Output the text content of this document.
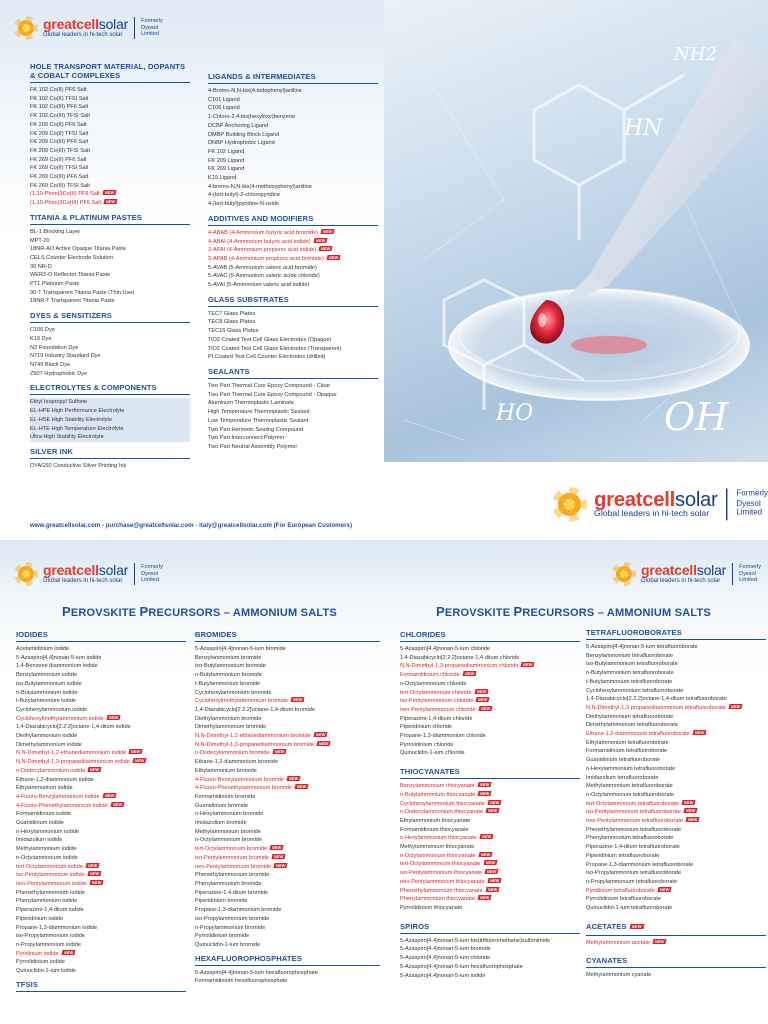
greatcellsolar
Global leaders in hi-tech solar
Formerly
Dyesol
Limited
HOLE TRANSPORT MATERIAL, DOPANTS & COBALT COMPLEXES
FK 102 Co(II) PF6 Salt
FK 102 Co(II) TFSI Salt
FK 102 Co(III) PF6 Salt
FK 102 Co(III) TFSI Salt
FK 209 Co(II) PF6 Salt
FK 209 Co(II) TFSI Salt
FK 209 Co(III) PF6 Salt
FK 209 Co(III) TFSI Salt
FK 269 Co(II) PF6 Salt
FK 269 Co(II) TFSI Salt
FK 269 Co(III) PF6 Salt
FK 269 Co(III) TFSI Salt
(1,10-Phen)3Co(II) PF6 Salt NEW
(1,10-Phen)3Co(III) PF6 Salt NEW
TITANIA & PLATINUM PASTES
BL-1 Blocking Layer
MPT-20
18NR-AO Active Opaque Titania Paste
CELS Counter Electrode Solution
30 NR-D
WER2-O Reflector Titania Paste
PT1 Platinum Paste
90-T Transparent Titania Paste (Thin Use)
18NR-T Transparent Titania Paste
DYES & SENSITIZERS
C106 Dye
K19 Dye
N3 Foundation Dye
N719 Industry Standard Dye
N749 Black Dye
Z907 Hydrophobic Dye
ELECTROLYTES & COMPONENTS
Ethyl Isopropyl Sulfone
EL-HPE High Performance Electrolyte
EL-HSE High Stability Electrolyte
EL-HTE High Temperature Electrolyte
Ultra High Stability Electrolyte
SILVER INK
DYAG50 Conductive Silver Printing Ink
LIGANDS & INTERMEDIATES
4-Bromo-N,N-bis(4-iodophenyl)aniline
C101 Ligand
C106 Ligand
1-Chloro-2,4-bis(hexyloxy)benzene
DCBP Anchoring Ligand
DMBP Building Block Ligand
DNBP Hydrophobic Ligand
FK 102 Ligand
FK 209 Ligand
FK 269 Ligand
K19 Ligand
4-bromo-N,N-bis(4-methoxyphenyl)aniline
4-(tert-butyl)-2-chloropyridine
4-(tert-butyl)pyridine-N-oxide
ADDITIVES AND MODIFIERS
4-ABAB (4-Ammonium butyric acid bromide) NEW
4-ABAI (4-Ammonium butyric acid iodide) NEW
3-APAI (4-Ammonium propionic acid iodide) NEW
3-APAB (4-Ammonium propionic acid bromide) NEW
5-AVAB (5-Ammonium valeric acid bromide)
5-AVAC (5-Ammonium valeric acide chloride)
5-AVAI (5-Ammonium valeric acid iodide)
GLASS SUBSTRATES
TEC7 Glass Plates
TEC8 Glass Plates
TEC15 Glass Plates
TiO2 Coated Test Cell Glass Electrodes (Opaque)
TiO2 Coated Test Cell Glass Electrodes (Transparent)
Pt Coated Test Cell Counter Electrodes (drilled)
SEALANTS
Two Part Thermal Cure Epoxy Compound - Clear
Two Part Thermal Cure Epoxy Compound - Opaque
Aluminum Thermoplastic Laminate
High Temperature Thermoplastic Sealant
Low Temperature Thermoplastic Sealant
Two Part Hermetic Sealing Compound
Two Part Interconnect Polymer
Two Part Neutral Assembly Polymer
www.greatcellsolar.com - purchase@greatcellsolar.com - italy@greatcellsolar.com (For European Customers)
NH2
HN
HO	OH
greatcellsolar
Global leaders in hi-tech solar
Formerly
Dyesol
Limited
greatcellsolar
Global leaders in hi-tech solar
Formerly
Dyesol
Limited
PEROVSKITE PRECURSORS – AMMONIUM SALTS
IODIDES
Acetamidinium iodide
5-Azaspiro[4.4]nonan-5-ium iodide
1,4-Benzene diammonium iodide
Benzylammonium iodide
iso-Butylammonium iodide
n-Butylammonium iodide
t-Butylammonium iodide
Cyclohexylammonium iodide
Cyclohexylmethylammonium iodide NEW
1,4-Diazabicyclo[2.2.2]octane-1,4-diium iodide
Diethylammonium iodide
Dimethylammonium iodide
N,N-Dimethyl-1,2-ethanediammonium iodide NEW
N,N-Dimethyl-1,3-propanediammonium iodide NEW
n-Dodecylammonium iodide NEW
Ethane-1,2-diammonium iodide
Ethylammonium iodide
4-Fluoro-Benzylammonium iodide NEW
4-Fluoro-Phenethylammonium iodide NEW
Formamidinium iodide
Guanidinium iodide
n-Hexylammonium iodide
Imidazolium iodide
Methylammonium iodide
n-Octylammonium iodide
tert-Octylammonium iodide NEW
iso-Pentylammonium iodide NEW
neo-Pentylammonium iodide NEW
Phenethylammonium iodide
Phenylammonium iodide
Piperazine-1,4-diium iodide
Piperidinium iodide
Propane-1,3-diammonium iodide
iso-Propylammonium iodide
n-Propylammonium iodide
Pyridinium iodide NEW
Pyrrolidinium iodide
Quinuclidin-1-ium iodide
TFSIS
BROMIDES
5-Azaspiro[4.4]nonan-5-ium bromide
Benzylammonium bromide
iso-Butylammonium bromide
n-Butylammonium bromide
t-Butylammonium bromide
Cyclohexylammonium bromide
Cyclohexylmethylammonium bromide NEW
1,4-Diazabicyclo[2.2.2]octane-1,4-diium bromide
Diethylammonium bromide
Dimethylammonium bromide
N,N-Dimethyl-1,2-ethanediammonium bromide NEW
N,N-Dimethyl-1,3-propanediammonium bromide NEW
n-Dodecylammonium bromide NEW
Ethane-1,2-diammonium bromide
Ethylammonium bromide
4-Fluoro-Benzylammonium bromide NEW
4-Fluoro-Phenethylammonium bromide NEW
Formamidinium bromide
Guanidinium bromide
n-Hexylammonium bromide
Imidazolium bromide
Methylammonium bromide
n-Octylammonium bromide
tert-Octylammonium bromide NEW
iso-Pentylammonium bromide NEW
neo-Pentylammonium bromide NEW
Phenethylammonium bromide
Phenylammonium bromide
Piperazine-1,4-diium bromide
Piperidinium bromide
Propane-1,3-diammonium bromide
iso-Propylammonium bromide
n-Propylammonium bromide
Pyrrolidinium bromide
Quinuclidin-1-ium bromide
HEXAFLUOROPHOSPHATES
5-Azaspiro[4.4]nonan-5-ium hexafluorophosphate
Formamidinium hexafluorophosphate
greatcellsolar
Global leaders in hi-tech solar
Formerly
Dyesol
Limited
PEROVSKITE PRECURSORS – AMMONIUM SALTS
CHLORIDES
5-Azaspiro[4.4]nonan-5-ium chloride
1,4-Diazabicyclo[2.2.2]octane-1,4-diium chloride
N,N-Dimethyl-1,3-propanediammonium chloride NEW
Formamidinium chloride NEW
n-Octylammonium chloride
tert-Octylammonium chloride NEW
iso-Pentylammonium chloride NEW
neo-Pentylammonium chloride NEW
Piperazine-1,4-diium chloride
Piperidinium chloride
Propane-1,3-diammonium chloride
Pyrrolidinium chloride
Quinuclidin-1-ium chloride
THIOCYANATES
Benzylammonium thiocyanate NEW
n-Butylammonium thiocyanate NEW
Cyclohexylammonium thiocyanate NEW
n-Dodecylammonium thiocyanate NEW
Ethylammonium thiocyanate
Formamidinium thiocyanate
n-Hexylammonium thiocyanate NEW
Methylammonium thiocyanate
n-Octylammonium thiocyanate NEW
tert-Octylammonium thiocyanate NEW
iso-Pentylammonium thiocyanate NEW
neo-Pentylammonium thiocyanate NEW
Phenethylammonium thiocyanate NEW
Phenylammonium thiocyanate NEW
Pyrrolidinium thiocyanate
SPIROS
5-Azaspiro[4.4]nonan-5-ium bis(trifluoromethane)sulfonimide
5-Azaspiro[4.4]nonan-5-ium bromide
5-Azaspiro[4.4]nonan-5-ium chloride
5-Azaspiro[4.4]nonan-5-ium hexafluorophosphate
5-Azaspiro[4.4]nonan-5-ium iodide
TETRAFLUOROBORATES
5-Azaspiro[4.4]nonan-5-ium tetrafluoroborate
Benzylammonium tetrafluoroborate
iso-Butylammonium tetrafluoroborate
n-Butylammonium tetrafluoroborate
t-Butylammonium tetrafluoroborate
Cyclohexylammonium tetrafluoroborate
1,4-Diazabicyclo[2.2.2]octane-1,4-diium tetrafluoroborate
N,N-Dimethyl-1,3-propanediammonium tetrafluoroborate NEW
Diethylammonium tetrafluoroborate
Dimethylammonium tetrafluoroborate
Ethane-1,2-diammonium tetrafluoroborate NEW
Ethylammonium tetrafluoroborate
Formamidinium tetrafluoroborate
Guanidinium tetrafluoroborate
n-Hexylammonium tetrafluoroborate
Imidazolium tetrafluoroborate
Methylammonium tetrafluoroborate
n-Octylammonium tetrafluoroborate
tert-Octylammonium tetrafluoroborate NEW
iso-Pentylammonium tetrafluoroborate NEW
neo-Pentylammonium tetrafluoroborate NEW
Phenethylammonium tetrafluoroborate
Phenylammonium tetrafluoroborate
Piperazine-1,4-diium tetrafluoroborate
Piperidinium tetrafluoroborate
Propane-1,3-diammonium tetrafluoroborate
iso-Propylammonium tetrafluoroborate
n-Propylammonium tetrafluoroborate
Pyridinium tetrafluoroborate NEW
Pyrrolidinium tetrafluoroborate
Quinuclidin-1-ium tetrafluoroborate
ACETATES NEW
Methylammonium acetate NEW
CYANATES
Methylammonium cyanate
